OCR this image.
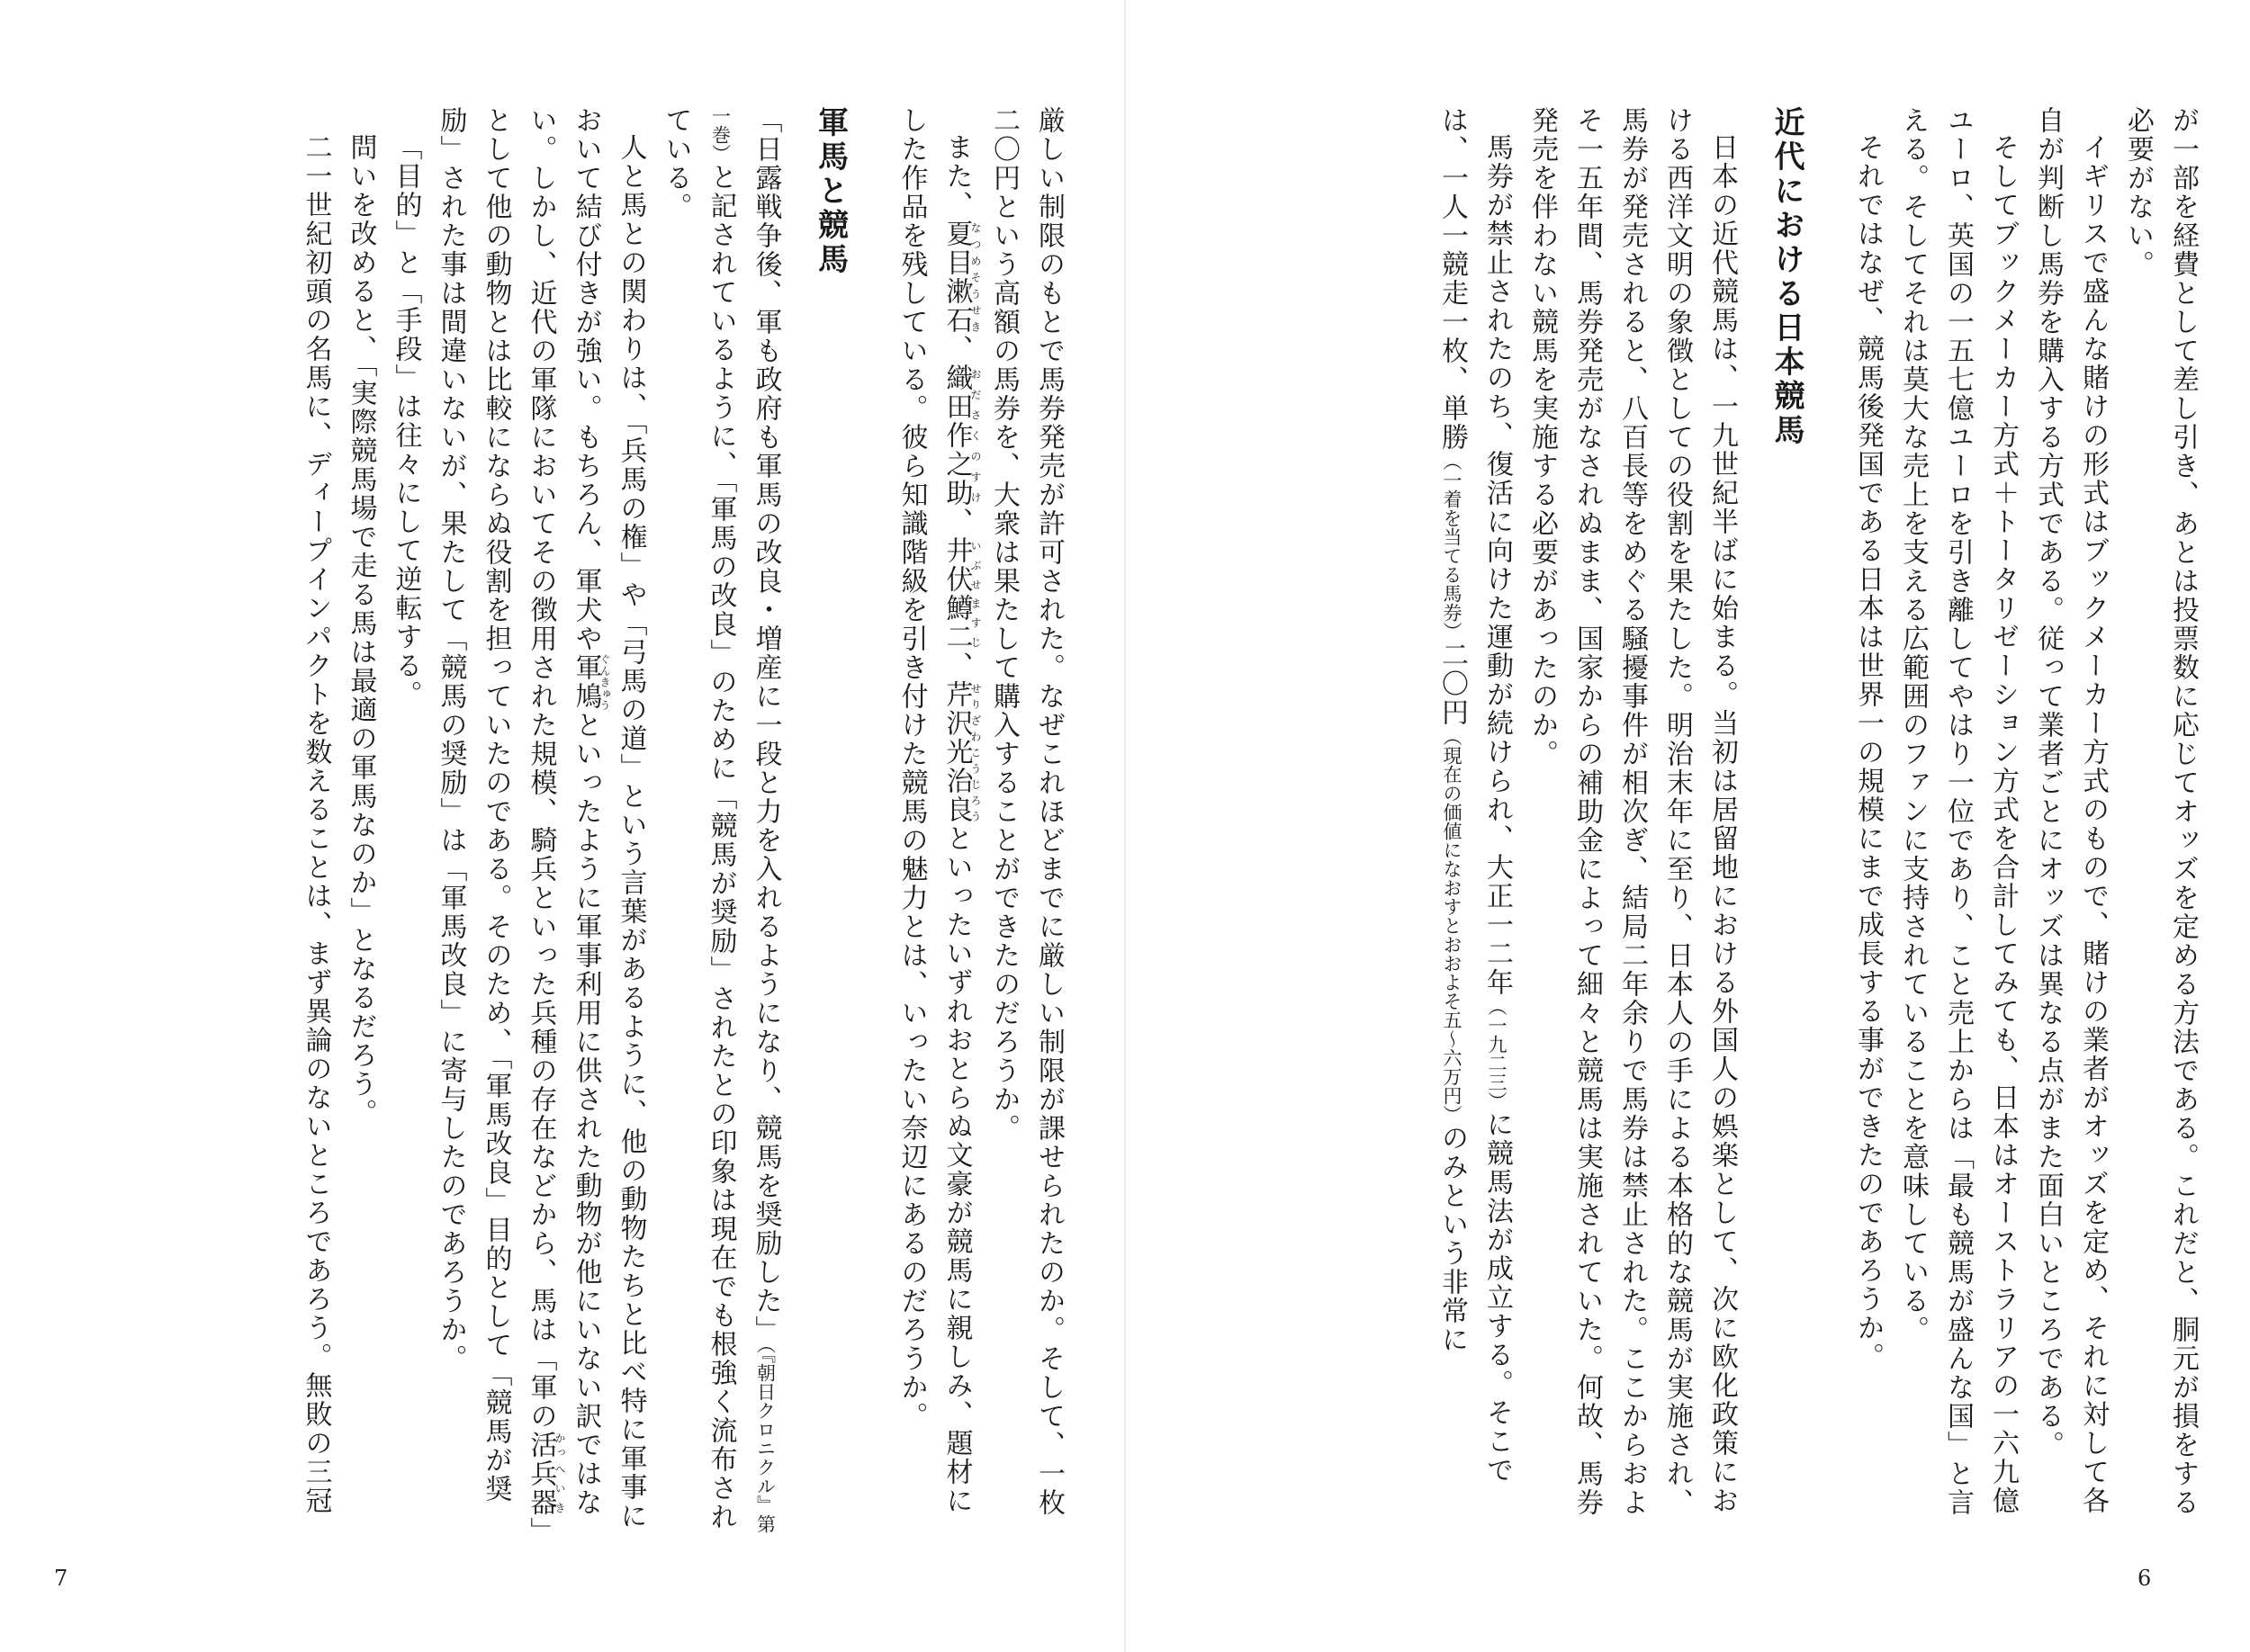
が一部を経費として差し引き、あとは投票数に応じてオッズを定める方法である。これだと、胴元が損をする必要がない。

イギリスで盛んな賭けの形式はブックメーカー方式のもので、賭けの業者がオッズを定め、それに対して各自が判断し馬券を購入する方式である。従って業者ごとにオッズは異なる点がまた面白いところである。

そしてブックメーカー方式＋トータリゼーション方式を合計してみても、日本はオーストラリアの一六九億ユーロ、英国の一五七億ユーロを引き離してやはり一位であり、こと売上からは「最も競馬が盛んな国」と言える。そしてそれは莫大な売上を支える広範囲のファンに支持されていることを意味している。

それではなぜ、競馬後発国である日本は世界一の規模にまで成長する事ができたのであろうか。

近代における日本競馬

日本の近代競馬は、一九世紀半ばに始まる。当初は居留地における外国人の娯楽として、次に欧化政策における西洋文明の象徴としての役割を果たした。明治末年に至り、日本人の手による本格的な競馬が実施され、馬券が発売されると、八百長等をめぐる騒擾事件が相次ぎ、結局二年余りで馬券は禁止された。ここからおよそ一五年間、馬券発売がなされぬまま、国家からの補助金によって細々と競馬は実施されていた。何故、馬券発売を伴わない競馬を実施する必要があったのか。

馬券が禁止されたのち、復活に向けた運動が続けられ、大正一二年（一九二三）に競馬法が成立する。そこでは、一人一競走一枚、単勝（一着を当てる馬券）二〇円（現在の価値になおすとおおよそ五〜六万円）のみという非常に

6

厳しい制限のもとで馬券発売が許可された。なぜこれほどまでに厳しい制限が課せられたのか。そして、一枚二〇円という高額の馬券を、大衆は果たして購入することができたのだろうか。

また、夏目漱石なつめそうせき、織田作之助おださくのすけ、井伏鱒二いぶせますじ、芹沢光治良せりざわこうじろうといったいずれおとらぬ文豪が競馬に親しみ、題材にした作品を残している。彼ら知識階級を引き付けた競馬の魅力とは、いったい奈辺にあるのだろうか。

軍馬と競馬

「日露戦争後、軍も政府も軍馬の改良・増産に一段と力を入れるようになり、競馬を奨励した」（『朝日クロニクル』第一巻）と記されているように、「軍馬の改良」のために「競馬が奨励」されたとの印象は現在でも根強く流布されている。

人と馬との関わりは、「兵馬の権」や「弓馬の道」という言葉があるように、他の動物たちと比べ特に軍事において結び付きが強い。もちろん、軍犬や軍鳩ぐんきゅうといったように軍事利用に供された動物が他にいない訳ではない。しかし、近代の軍隊においてその徴用された規模、騎兵といった兵種の存在などから、馬は「軍の活かっ兵器へいき」として他の動物とは比較にならぬ役割を担っていたのである。そのため、「軍馬改良」目的として「競馬が奨励」された事は間違いないが、果たして「競馬の奨励」は「軍馬改良」に寄与したのであろうか。

「目的」と「手段」は往々にして逆転する。

問いを改めると、「実際競馬場で走る馬は最適の軍馬なのか」となるだろう。

二一世紀初頭の名馬に、ディープインパクトを数えることは、まず異論のないところであろう。無敗の三冠

7
